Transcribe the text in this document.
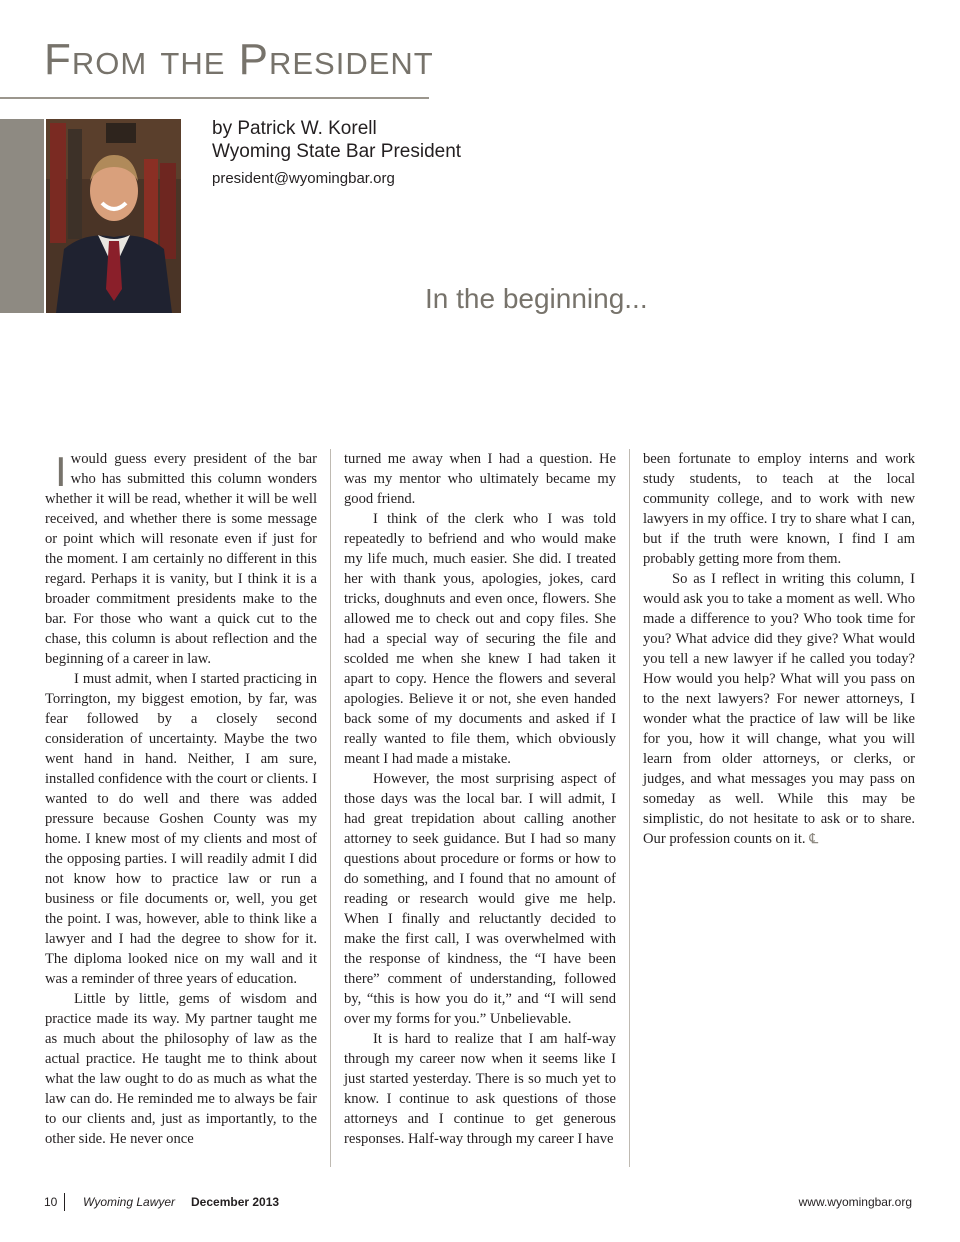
From the President
by Patrick W. Korell
Wyoming State Bar President
president@wyomingbar.org
In the beginning...

I would guess every president of the bar who has submitted this column wonders whether it will be read, whether it will be well received, and whether there is some message or point which will resonate even if just for the moment. I am certainly no different in this regard. Perhaps it is vanity, but I think it is a broader commitment presidents make to the bar. For those who want a quick cut to the chase, this column is about reflection and the beginning of a career in law.

I must admit, when I started practicing in Torrington, my biggest emotion, by far, was fear followed by a closely second consideration of uncertainty. Maybe the two went hand in hand. Neither, I am sure, installed confidence with the court or clients. I wanted to do well and there was added pressure because Goshen County was my home. I knew most of my clients and most of the opposing parties. I will readily admit I did not know how to practice law or run a business or file documents or, well, you get the point. I was, however, able to think like a lawyer and I had the degree to show for it. The diploma looked nice on my wall and it was a reminder of three years of education.

Little by little, gems of wisdom and practice made its way. My partner taught me as much about the philosophy of law as the actual practice. He taught me to think about what the law ought to do as much as what the law can do. He reminded me to always be fair to our clients and, just as importantly, to the other side. He never once

turned me away when I had a question. He was my mentor who ultimately became my good friend.

I think of the clerk who I was told repeatedly to befriend and who would make my life much, much easier. She did. I treated her with thank yous, apologies, jokes, card tricks, doughnuts and even once, flowers. She allowed me to check out and copy files. She had a special way of securing the file and scolded me when she knew I had taken it apart to copy. Hence the flowers and several apologies. Believe it or not, she even handed back some of my documents and asked if I really wanted to file them, which obviously meant I had made a mistake.

However, the most surprising aspect of those days was the local bar. I will admit, I had great trepidation about calling another attorney to seek guidance. But I had so many questions about procedure or forms or how to do something, and I found that no amount of reading or research would give me help. When I finally and reluctantly decided to make the first call, I was overwhelmed with the response of kindness, the “I have been there” comment of understanding, followed by, “this is how you do it,” and “I will send over my forms for you.” Unbelievable.

It is hard to realize that I am half-way through my career now when it seems like I just started yesterday. There is so much yet to know. I continue to ask questions of those attorneys and I continue to get generous responses. Half-way through my career I have

been fortunate to employ interns and work study students, to teach at the local community college, and to work with new lawyers in my office. I try to share what I can, but if the truth were known, I find I am probably getting more from them.

So as I reflect in writing this column, I would ask you to take a moment as well. Who made a difference to you? Who took time for you? What advice did they give? What would you tell a new lawyer if he called you today? How would you help? What will you pass on to the next lawyers? For newer attorneys, I wonder what the practice of law will be like for you, how it will change, what you will learn from older attorneys, or clerks, or judges, and what messages you may pass on someday as well. While this may be simplistic, do not hesitate to ask or to share. Our profession counts on it. ℄

10 Wyoming Lawyer December 2013	www.wyomingbar.org
